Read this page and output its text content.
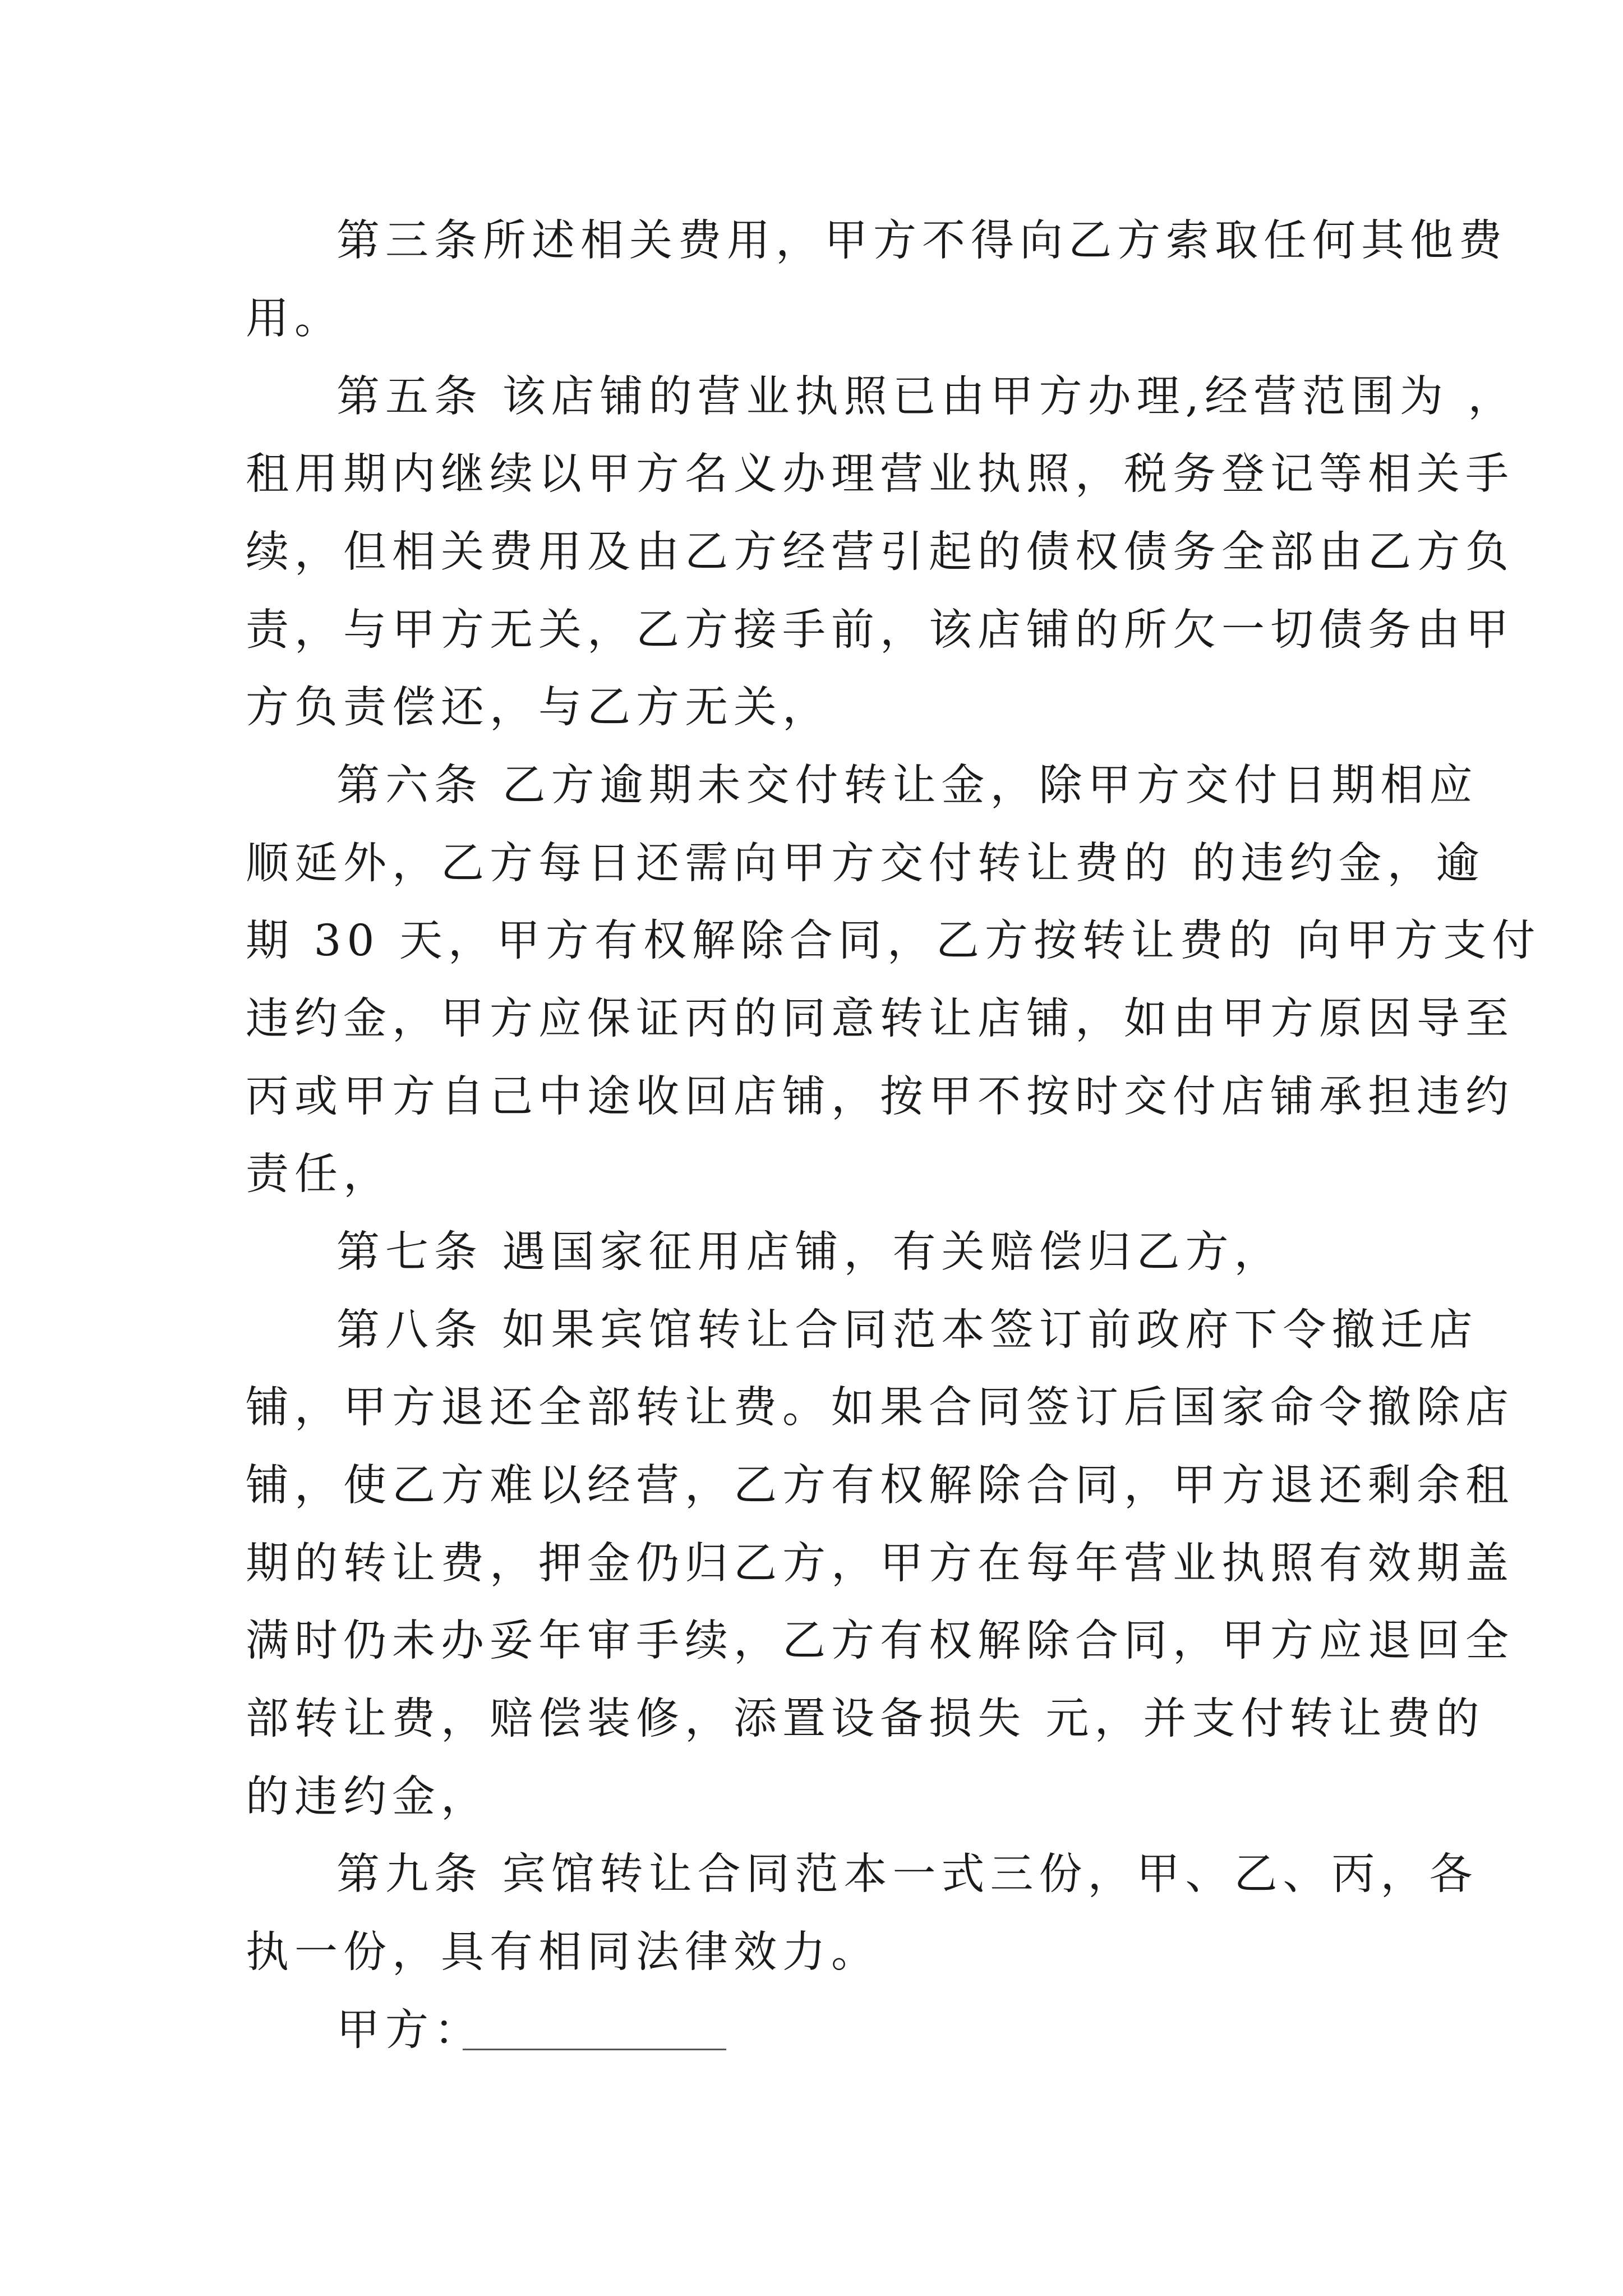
第三条所述相关费用，甲方不得向乙方索取任何其他费
用。
第五条 该店铺的营业执照已由甲方办理,经营范围为 ，
租用期内继续以甲方名义办理营业执照，税务登记等相关手
续，但相关费用及由乙方经营引起的债权债务全部由乙方负
责，与甲方无关，乙方接手前，该店铺的所欠一切债务由甲
方负责偿还，与乙方无关，
第六条 乙方逾期未交付转让金，除甲方交付日期相应
顺延外，乙方每日还需向甲方交付转让费的 的违约金，逾
期 30 天，甲方有权解除合同，乙方按转让费的 向甲方支付
违约金，甲方应保证丙的同意转让店铺，如由甲方原因导至
丙或甲方自己中途收回店铺，按甲不按时交付店铺承担违约
责任，
第七条 遇国家征用店铺，有关赔偿归乙方，
第八条 如果宾馆转让合同范本签订前政府下令撤迁店
铺，甲方退还全部转让费。如果合同签订后国家命令撤除店
铺，使乙方难以经营，乙方有权解除合同，甲方退还剩余租
期的转让费，押金仍归乙方，甲方在每年营业执照有效期盖
满时仍未办妥年审手续，乙方有权解除合同，甲方应退回全
部转让费，赔偿装修，添置设备损失 元，并支付转让费的
的违约金，
第九条 宾馆转让合同范本一式三份，甲、乙、丙，各
执一份，具有相同法律效力。
甲方：
